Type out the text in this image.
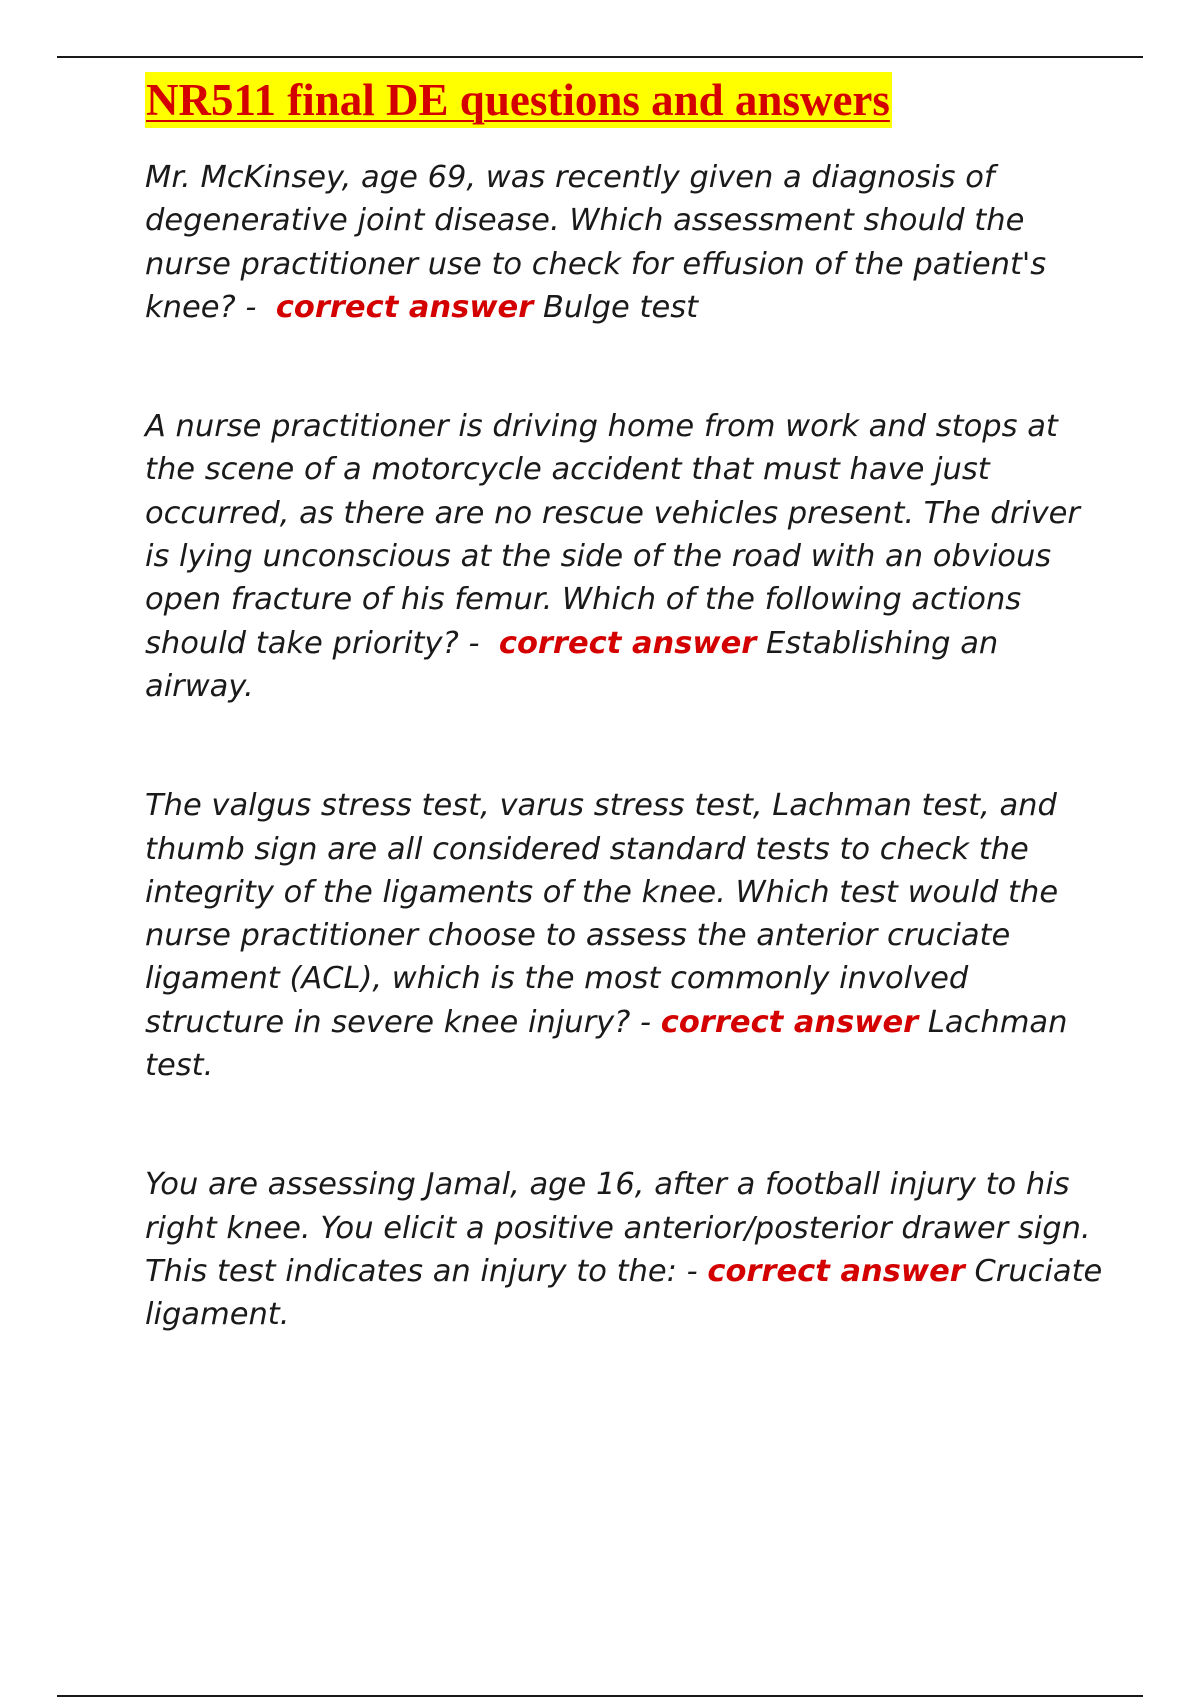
NR511 final DE questions and answers

Mr. McKinsey, age 69, was recently given a diagnosis of degenerative joint disease. Which assessment should the nurse practitioner use to check for effusion of the patient's knee? - correct answer Bulge test

A nurse practitioner is driving home from work and stops at the scene of a motorcycle accident that must have just occurred, as there are no rescue vehicles present. The driver is lying unconscious at the side of the road with an obvious open fracture of his femur. Which of the following actions should take priority? - correct answer Establishing an airway.

The valgus stress test, varus stress test, Lachman test, and thumb sign are all considered standard tests to check the integrity of the ligaments of the knee. Which test would the nurse practitioner choose to assess the anterior cruciate ligament (ACL), which is the most commonly involved structure in severe knee injury? - correct answer Lachman test.

You are assessing Jamal, age 16, after a football injury to his right knee. You elicit a positive anterior/posterior drawer sign. This test indicates an injury to the: - correct answer Cruciate ligament.
